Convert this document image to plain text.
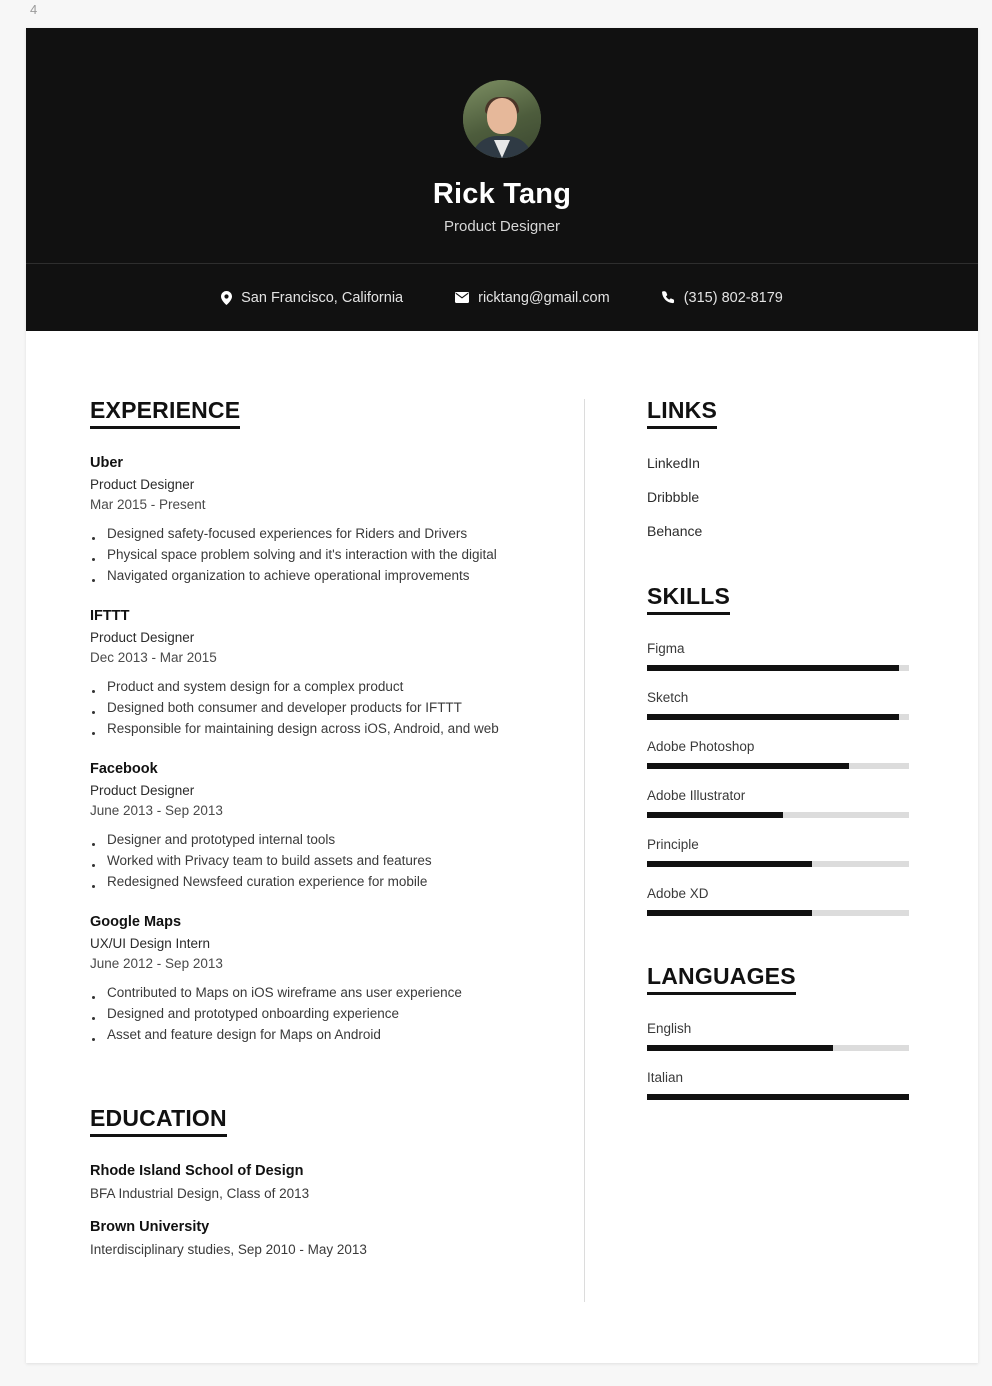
4
Rick Tang
Product Designer
San Francisco, California	ricktang@gmail.com	(315) 802-8179
EXPERIENCE
Uber
Product Designer
Mar 2015 - Present
Designed safety-focused experiences for Riders and Drivers
Physical space problem solving and it's interaction with the digital
Navigated organization to achieve operational improvements
IFTTT
Product Designer
Dec 2013 - Mar 2015
Product and system design for a complex product
Designed both consumer and developer products for IFTTT
Responsible for maintaining design across iOS, Android, and web
Facebook
Product Designer
June 2013 - Sep 2013
Designer and prototyped internal tools
Worked with Privacy team to build assets and features
Redesigned Newsfeed curation experience for mobile
Google Maps
UX/UI Design Intern
June 2012 - Sep 2013
Contributed to Maps on iOS wireframe ans user experience
Designed and prototyped onboarding experience
Asset and feature design for Maps on Android
EDUCATION
Rhode Island School of Design
BFA Industrial Design, Class of 2013
Brown University
Interdisciplinary studies, Sep 2010 - May 2013
LINKS
LinkedIn
Dribbble
Behance
SKILLS
Figma
Sketch
Adobe Photoshop
Adobe Illustrator
Principle
Adobe XD
LANGUAGES
English
Italian
